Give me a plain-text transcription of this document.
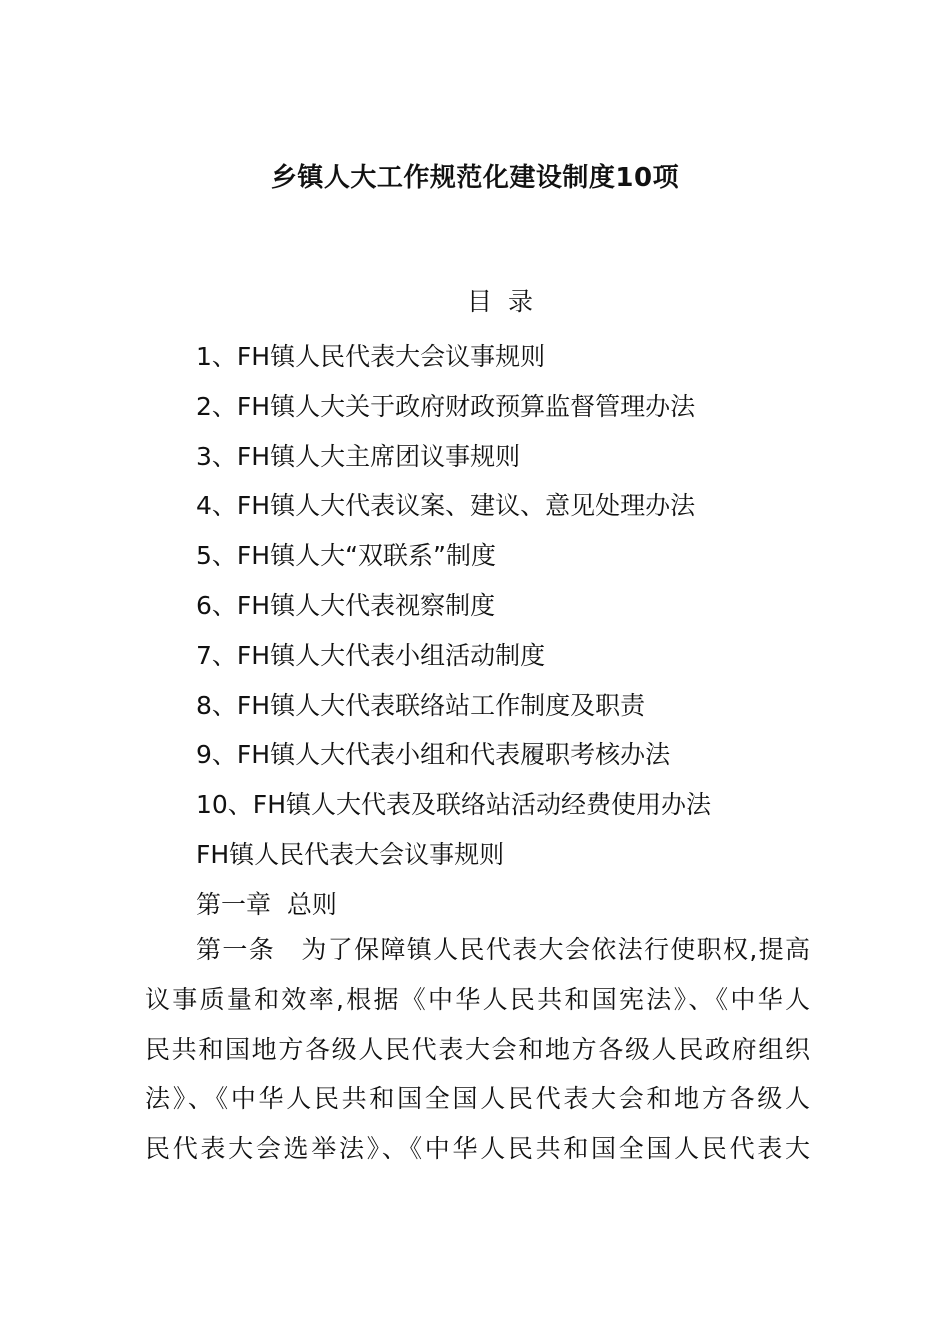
乡镇人大工作规范化建设制度10项
目  录
1、FH镇人民代表大会议事规则
2、FH镇人大关于政府财政预算监督管理办法
3、FH镇人大主席团议事规则
4、FH镇人大代表议案、建议、意见处理办法
5、FH镇人大“双联系”制度
6、FH镇人大代表视察制度
7、FH镇人大代表小组活动制度
8、FH镇人大代表联络站工作制度及职责
9、FH镇人大代表小组和代表履职考核办法
10、FH镇人大代表及联络站活动经费使用办法
FH镇人民代表大会议事规则
第一章  总则
第一条　为了保障镇人民代表大会依法行使职权,提高
议事质量和效率,根据《中华人民共和国宪法》、《中华人
民共和国地方各级人民代表大会和地方各级人民政府组织
法》、《中华人民共和国全国人民代表大会和地方各级人
民代表大会选举法》、《中华人民共和国全国人民代表大
